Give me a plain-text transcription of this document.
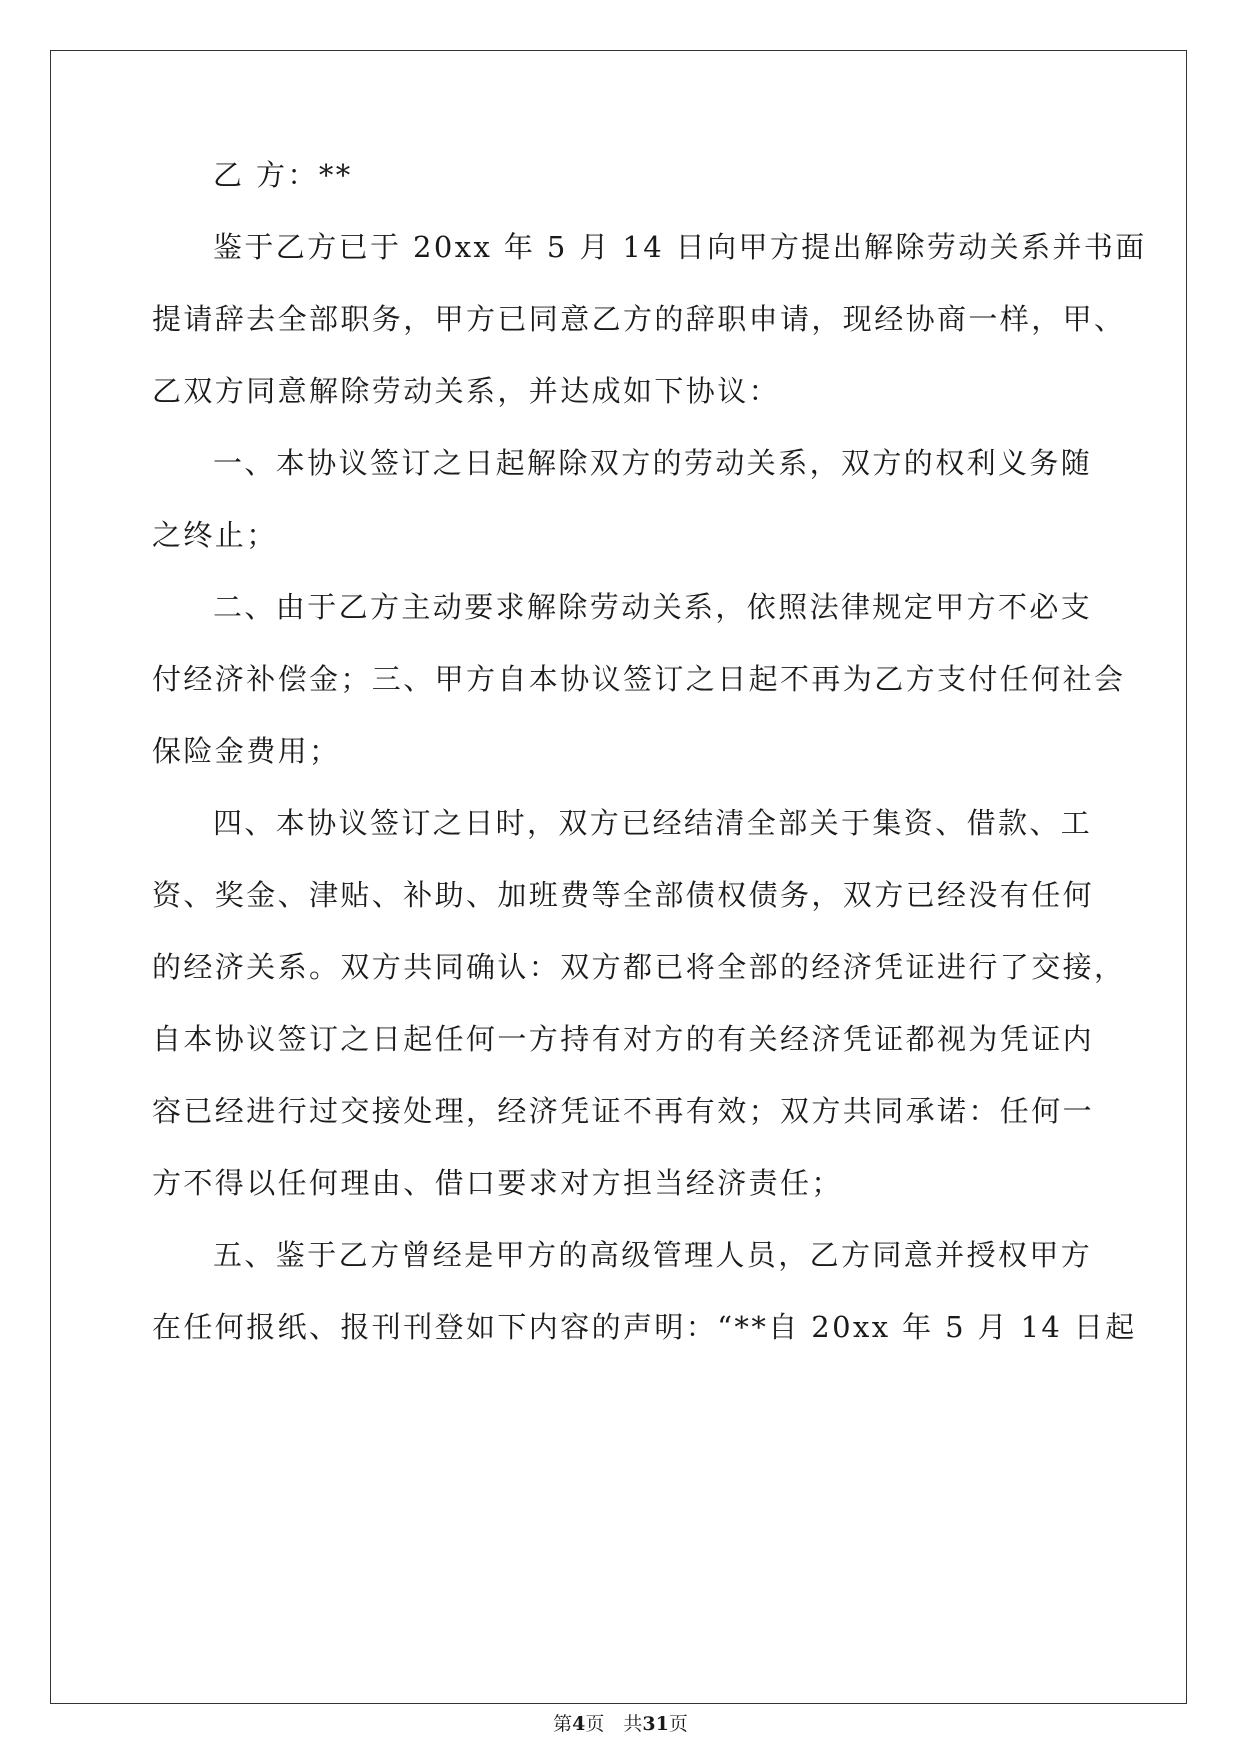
乙 方：**
鉴于乙方已于 20xx 年 5 月 14 日向甲方提出解除劳动关系并书面
提请辞去全部职务，甲方已同意乙方的辞职申请，现经协商一样，甲、
乙双方同意解除劳动关系，并达成如下协议：
一、本协议签订之日起解除双方的劳动关系，双方的权利义务随
之终止；
二、由于乙方主动要求解除劳动关系，依照法律规定甲方不必支
付经济补偿金；三、甲方自本协议签订之日起不再为乙方支付任何社会
保险金费用；
四、本协议签订之日时，双方已经结清全部关于集资、借款、工
资、奖金、津贴、补助、加班费等全部债权债务，双方已经没有任何
的经济关系。双方共同确认：双方都已将全部的经济凭证进行了交接，
自本协议签订之日起任何一方持有对方的有关经济凭证都视为凭证内
容已经进行过交接处理，经济凭证不再有效；双方共同承诺：任何一
方不得以任何理由、借口要求对方担当经济责任；
五、鉴于乙方曾经是甲方的高级管理人员，乙方同意并授权甲方
在任何报纸、报刊刊登如下内容的声明：“**自 20xx 年 5 月 14 日起
第4页　共31页
